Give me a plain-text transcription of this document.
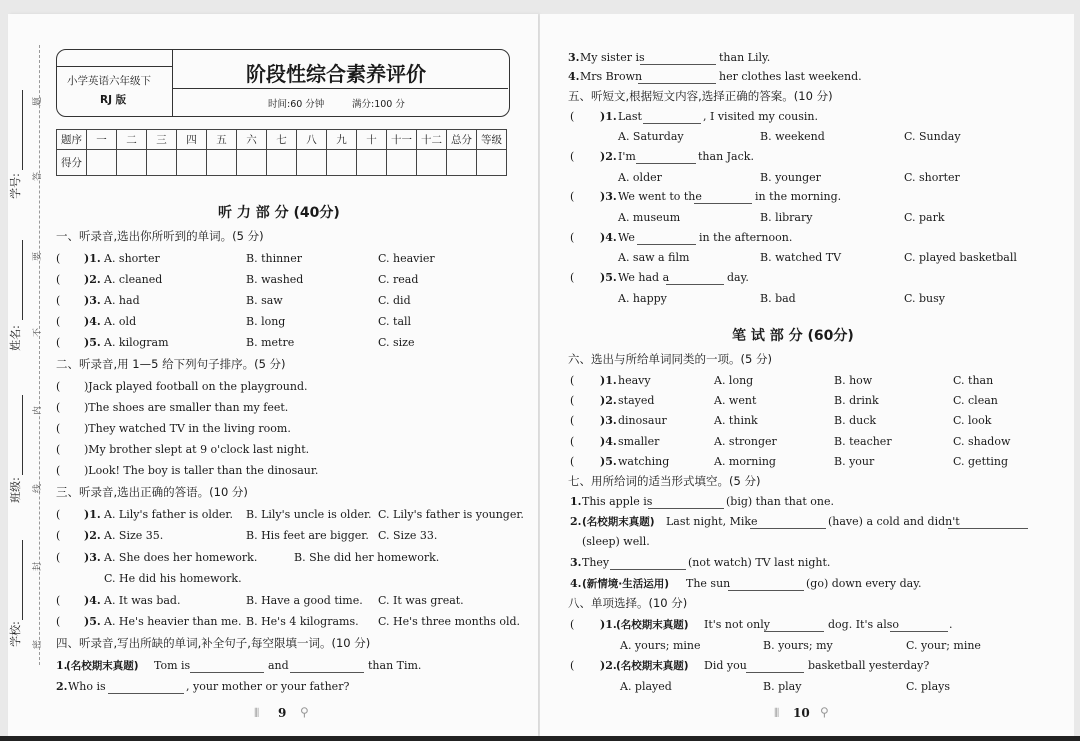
学号:
姓名:
班级:
学校:
题
答
要
不
内
线
封
密
小学英语六年级下
RJ 版
阶段性综合素养评价
时间:60 分钟	满分:100 分
题序	一	二	三	四	五	六	七	八	九	十	十一	十二	总分	等级
得分														
听 力 部 分 (40分)
一、听录音,选出你所听到的单词。(5 分)
( )1. A. shorter	B. thinner	C. heavier
( )2. A. cleaned	B. washed	C. read
( )3. A. had	B. saw	C. did
( )4. A. old	B. long	C. tall
( )5. A. kilogram	B. metre	C. size
二、听录音,用 1—5 给下列句子排序。(5 分)
( )Jack played football on the playground.
( )The shoes are smaller than my feet.
( )They watched TV in the living room.
( )My brother slept at 9 o'clock last night.
( )Look! The boy is taller than the dinosaur.
三、听录音,选出正确的答语。(10 分)
( )1. A. Lily's father is older. B. Lily's uncle is older. C. Lily's father is younger.
( )2. A. Size 35.	B. His feet are bigger. C. Size 33.
( )3. A. She does her homework.	B. She did her homework.
C. He did his homework.
( )4. A. It was bad.	B. Have a good time. C. It was great.
( )5. A. He's heavier than me. B. He's 4 kilograms. C. He's three months old.
四、听录音,写出所缺的单词,补全句子,每空限填一词。(10 分)
1.
(名校期末真题) Tom is	and	than Tim.
2. Who is	, your mother or your father?
⦀ 9 ⚲
3. My sister is	than Lily.
4. Mrs Brown	her clothes last weekend.
五、听短文,根据短文内容,选择正确的答案。(10 分)
( )1. Last	, I visited my cousin.
A. Saturday	B. weekend	C. Sunday
( )2. I'm	than Jack.
A. older	B. younger	C. shorter
( )3. We went to the	in the morning.
A. museum	B. library	C. park
( )4. We	in the afternoon.
A. saw a film	B. watched TV	C. played basketball
( )5. We had a	day.
A. happy	B. bad	C. busy
笔 试 部 分 (60分)
六、选出与所给单词同类的一项。(5 分)
( )1. heavy	A. long	B. how	C. than
( )2. stayed	A. went	B. drink	C. clean
( )3. dinosaur	A. think	B. duck	C. look
( )4. smaller	A. stronger	B. teacher	C. shadow
( )5. watching	A. morning	B. your	C. getting
七、用所给词的适当形式填空。(5 分)
1. This apple is	(big) than that one.
2. (名校期末真题) Last night, Mike	(have) a cold and didn't
(sleep) well.
3. They	(not watch) TV last night.
4. (新情境·生活运用) The sun	(go) down every day.
八、单项选择。(10 分)
( )1. (名校期末真题) It's not only	dog. It's also	.
A. yours; mine	B. yours; my	C. your; mine
( )2. (名校期末真题) Did you	basketball yesterday?
A. played	B. play	C. plays
⦀ 10 ⚲
